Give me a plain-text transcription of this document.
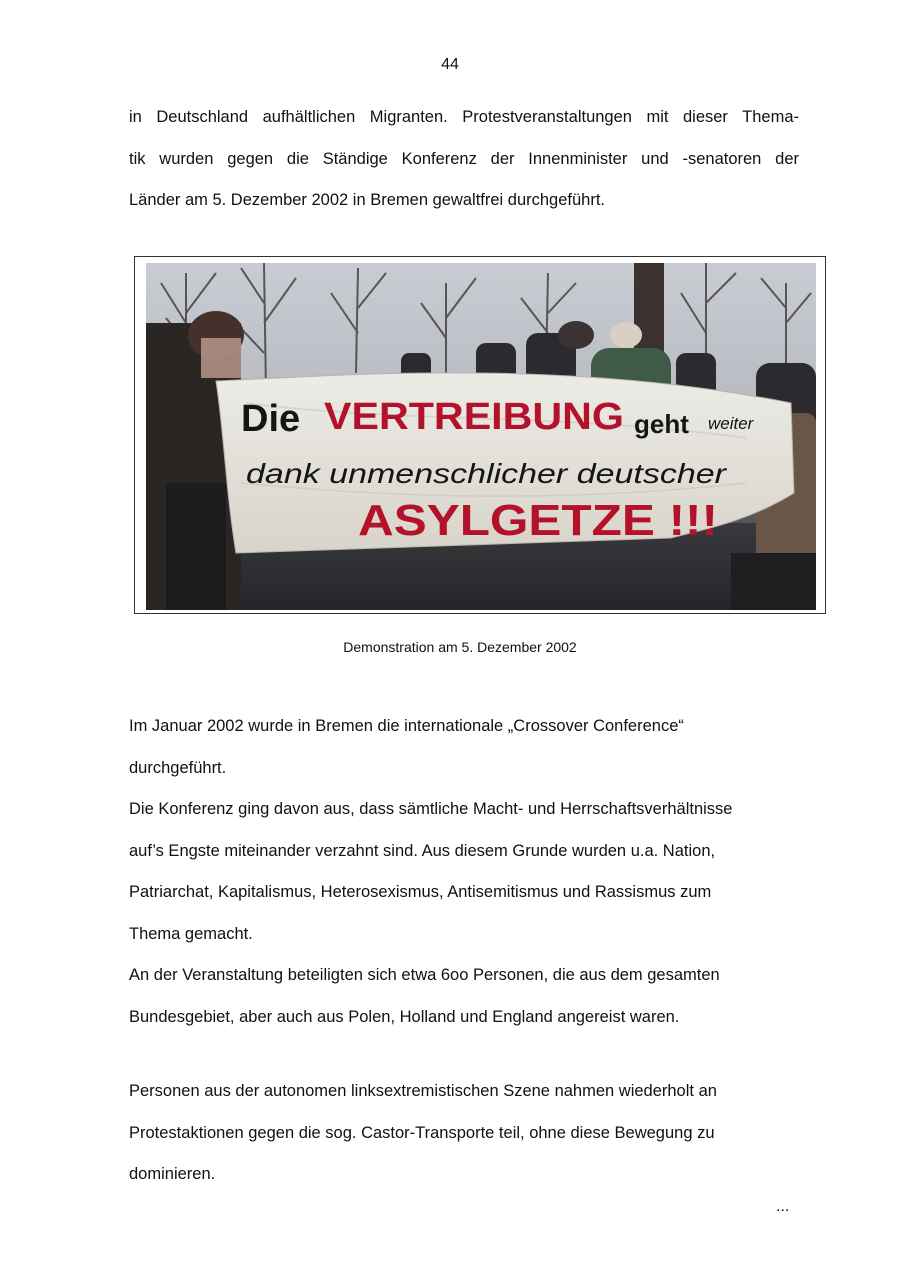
44
in Deutschland aufhältlichen Migranten. Protestveranstaltungen mit dieser Thema-
tik wurden gegen die Ständige Konferenz der Innenminister und -senatoren der
Länder am 5. Dezember 2002 in Bremen gewaltfrei durchgeführt.
Die VERTREIBUNG geht weiter
dank unmenschlicher deutscher
ASYLGETZE !!!
Demonstration am 5. Dezember 2002
Im Januar 2002 wurde in Bremen die internationale „Crossover Conference“
durchgeführt.
Die Konferenz ging davon aus, dass sämtliche Macht- und Herrschaftsverhältnisse
auf’s Engste miteinander verzahnt sind. Aus diesem Grunde wurden u.a. Nation,
Patriarchat, Kapitalismus, Heterosexismus, Antisemitismus und Rassismus zum
Thema gemacht.
An der Veranstaltung beteiligten sich etwa 6oo Personen, die aus dem gesamten
Bundesgebiet, aber auch aus Polen, Holland und England angereist waren.
Personen aus der autonomen linksextremistischen Szene nahmen wiederholt an
Protestaktionen gegen die sog. Castor-Transporte teil, ohne diese Bewegung zu
dominieren.
...
